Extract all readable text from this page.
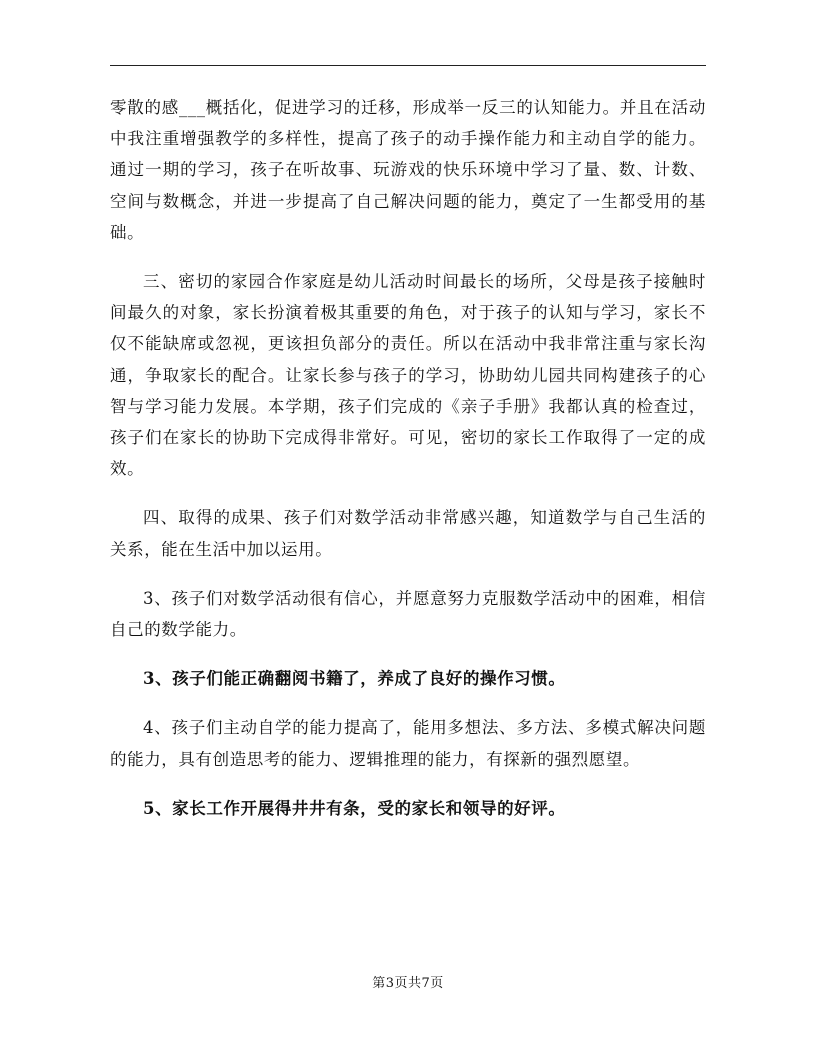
零散的感___概括化，促进学习的迁移，形成举一反三的认知能力。并且在活动中我注重增强教学的多样性，提高了孩子的动手操作能力和主动自学的能力。通过一期的学习，孩子在听故事、玩游戏的快乐环境中学习了量、数、计数、空间与数概念，并进一步提高了自己解决问题的能力，奠定了一生都受用的基础。

三、密切的家园合作家庭是幼儿活动时间最长的场所，父母是孩子接触时间最久的对象，家长扮演着极其重要的角色，对于孩子的认知与学习，家长不仅不能缺席或忽视，更该担负部分的责任。所以在活动中我非常注重与家长沟通，争取家长的配合。让家长参与孩子的学习，协助幼儿园共同构建孩子的心智与学习能力发展。本学期，孩子们完成的《亲子手册》我都认真的检查过，孩子们在家长的协助下完成得非常好。可见，密切的家长工作取得了一定的成效。

四、取得的成果、孩子们对数学活动非常感兴趣，知道数学与自己生活的关系，能在生活中加以运用。

3、孩子们对数学活动很有信心，并愿意努力克服数学活动中的困难，相信自己的数学能力。

3、孩子们能正确翻阅书籍了，养成了良好的操作习惯。

4、孩子们主动自学的能力提高了，能用多想法、多方法、多模式解决问题的能力，具有创造思考的能力、逻辑推理的能力，有探新的强烈愿望。

5、家长工作开展得井井有条，受的家长和领导的好评。

第3页共7页
